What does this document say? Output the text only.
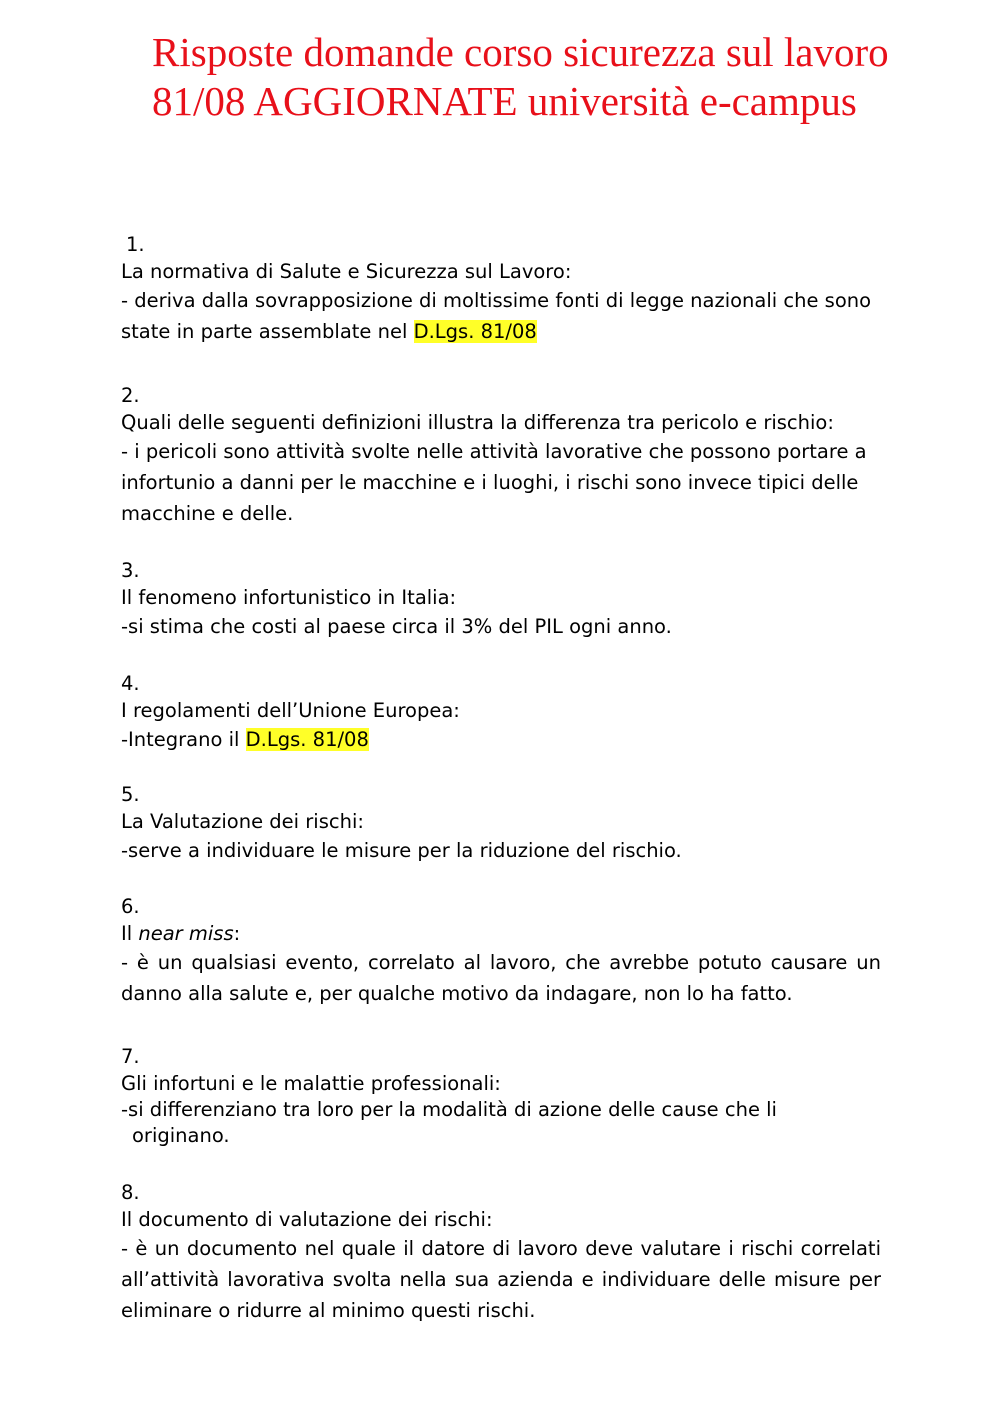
Risposte domande corso sicurezza sul lavoro 81/08 AGGIORNATE università e-campus
1.
La normativa di Salute e Sicurezza sul Lavoro:
- deriva dalla sovrapposizione di moltissime fonti di legge nazionali che sono state in parte assemblate nel D.Lgs. 81/08
2.
Quali delle seguenti definizioni illustra la differenza tra pericolo e rischio:
- i pericoli sono attività svolte nelle attività lavorative che possono portare a infortunio a danni per le macchine e i luoghi, i rischi sono invece tipici delle macchine e delle.
3.
Il fenomeno infortunistico in Italia:
-si stima che costi al paese circa il 3% del PIL ogni anno.
4.
I regolamenti dell’Unione Europea:
-Integrano il D.Lgs. 81/08
5.
La Valutazione dei rischi:
-serve a individuare le misure per la riduzione del rischio.
6.
Il near miss:
- è un qualsiasi evento, correlato al lavoro, che avrebbe potuto causare un danno alla salute e, per qualche motivo da indagare, non lo ha fatto.
7.
Gli infortuni e le malattie professionali:
-si differenziano tra loro per la modalità di azione delle cause che li
originano.
8.
Il documento di valutazione dei rischi:
- è un documento nel quale il datore di lavoro deve valutare i rischi correlati all’attività lavorativa svolta nella sua azienda e individuare delle misure per eliminare o ridurre al minimo questi rischi.
